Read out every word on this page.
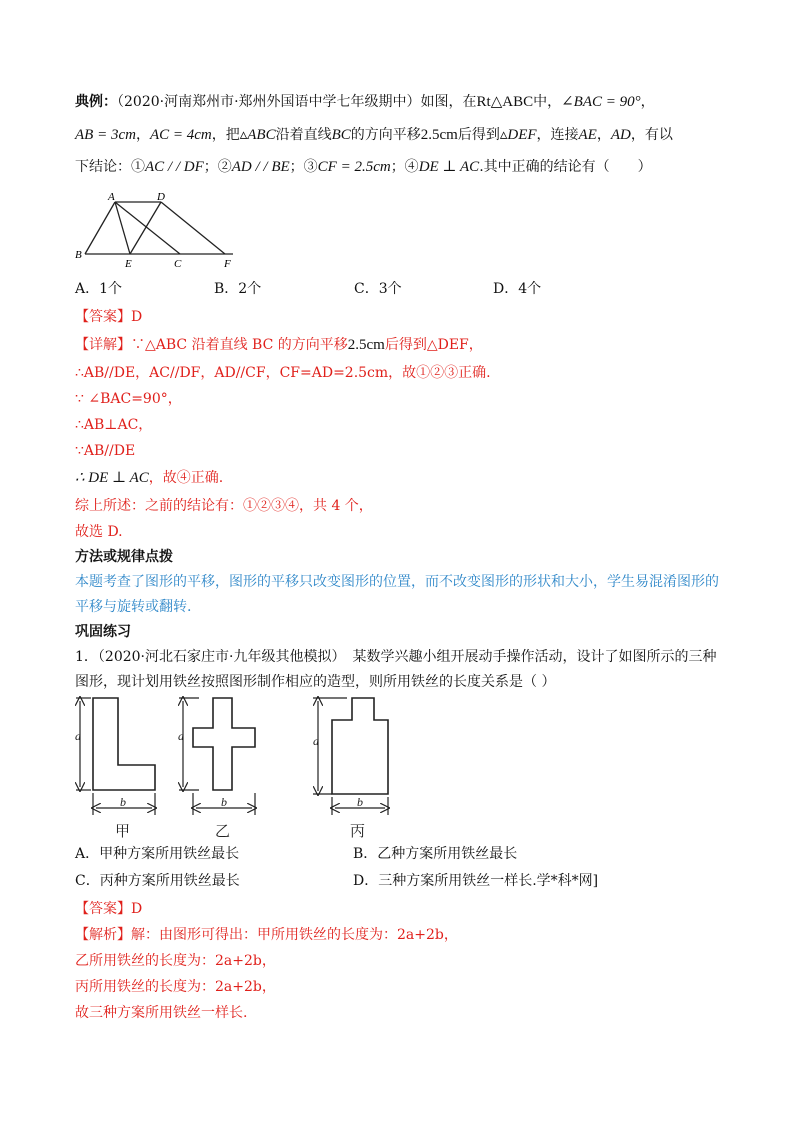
典例：（2020·河南郑州市·郑州外国语中学七年级期中）如图，在Rt△ABC中，∠BAC = 90°，
AB = 3cm，AC = 4cm，把▵ABC沿着直线BC的方向平移2.5cm后得到▵DEF，连接AE，AD，有以
下结论：①AC / / DF；②AD / / BE；③CF = 2.5cm；④DE ⊥ AC.其中正确的结论有（　　）
A	D
B
E	C	F
A．1个	B．2个	C．3个	D．4个
【答案】D
【详解】∵△ABC 沿着直线 BC 的方向平移2.5cm后得到△DEF，
∴AB//DE，AC//DF，AD//CF，CF=AD=2.5cm，故①②③正确.
∵ ∠BAC=90°，
∴AB⊥AC，
∵AB//DE
∴ DE ⊥ AC，故④正确.
综上所述：之前的结论有：①②③④，共 4 个，
故选 D.
方法或规律点拨
本题考查了图形的平移，图形的平移只改变图形的位置，而不改变图形的形状和大小，学生易混淆图形的
平移与旋转或翻转.
巩固练习
1．（2020·河北石家庄市·九年级其他模拟）　某数学兴趣小组开展动手操作活动，设计了如图所示的三种
图形，现计划用铁丝按照图形制作相应的造型，则所用铁丝的长度关系是（ ）
a
b
a
b
a
b
甲	乙	丙
A．甲种方案所用铁丝最长	B．乙种方案所用铁丝最长
C．丙种方案所用铁丝最长	D．三种方案所用铁丝一样长.学*科*网]
【答案】D
【解析】解：由图形可得出：甲所用铁丝的长度为：2a+2b，
乙所用铁丝的长度为：2a+2b，
丙所用铁丝的长度为：2a+2b，
故三种方案所用铁丝一样长.
